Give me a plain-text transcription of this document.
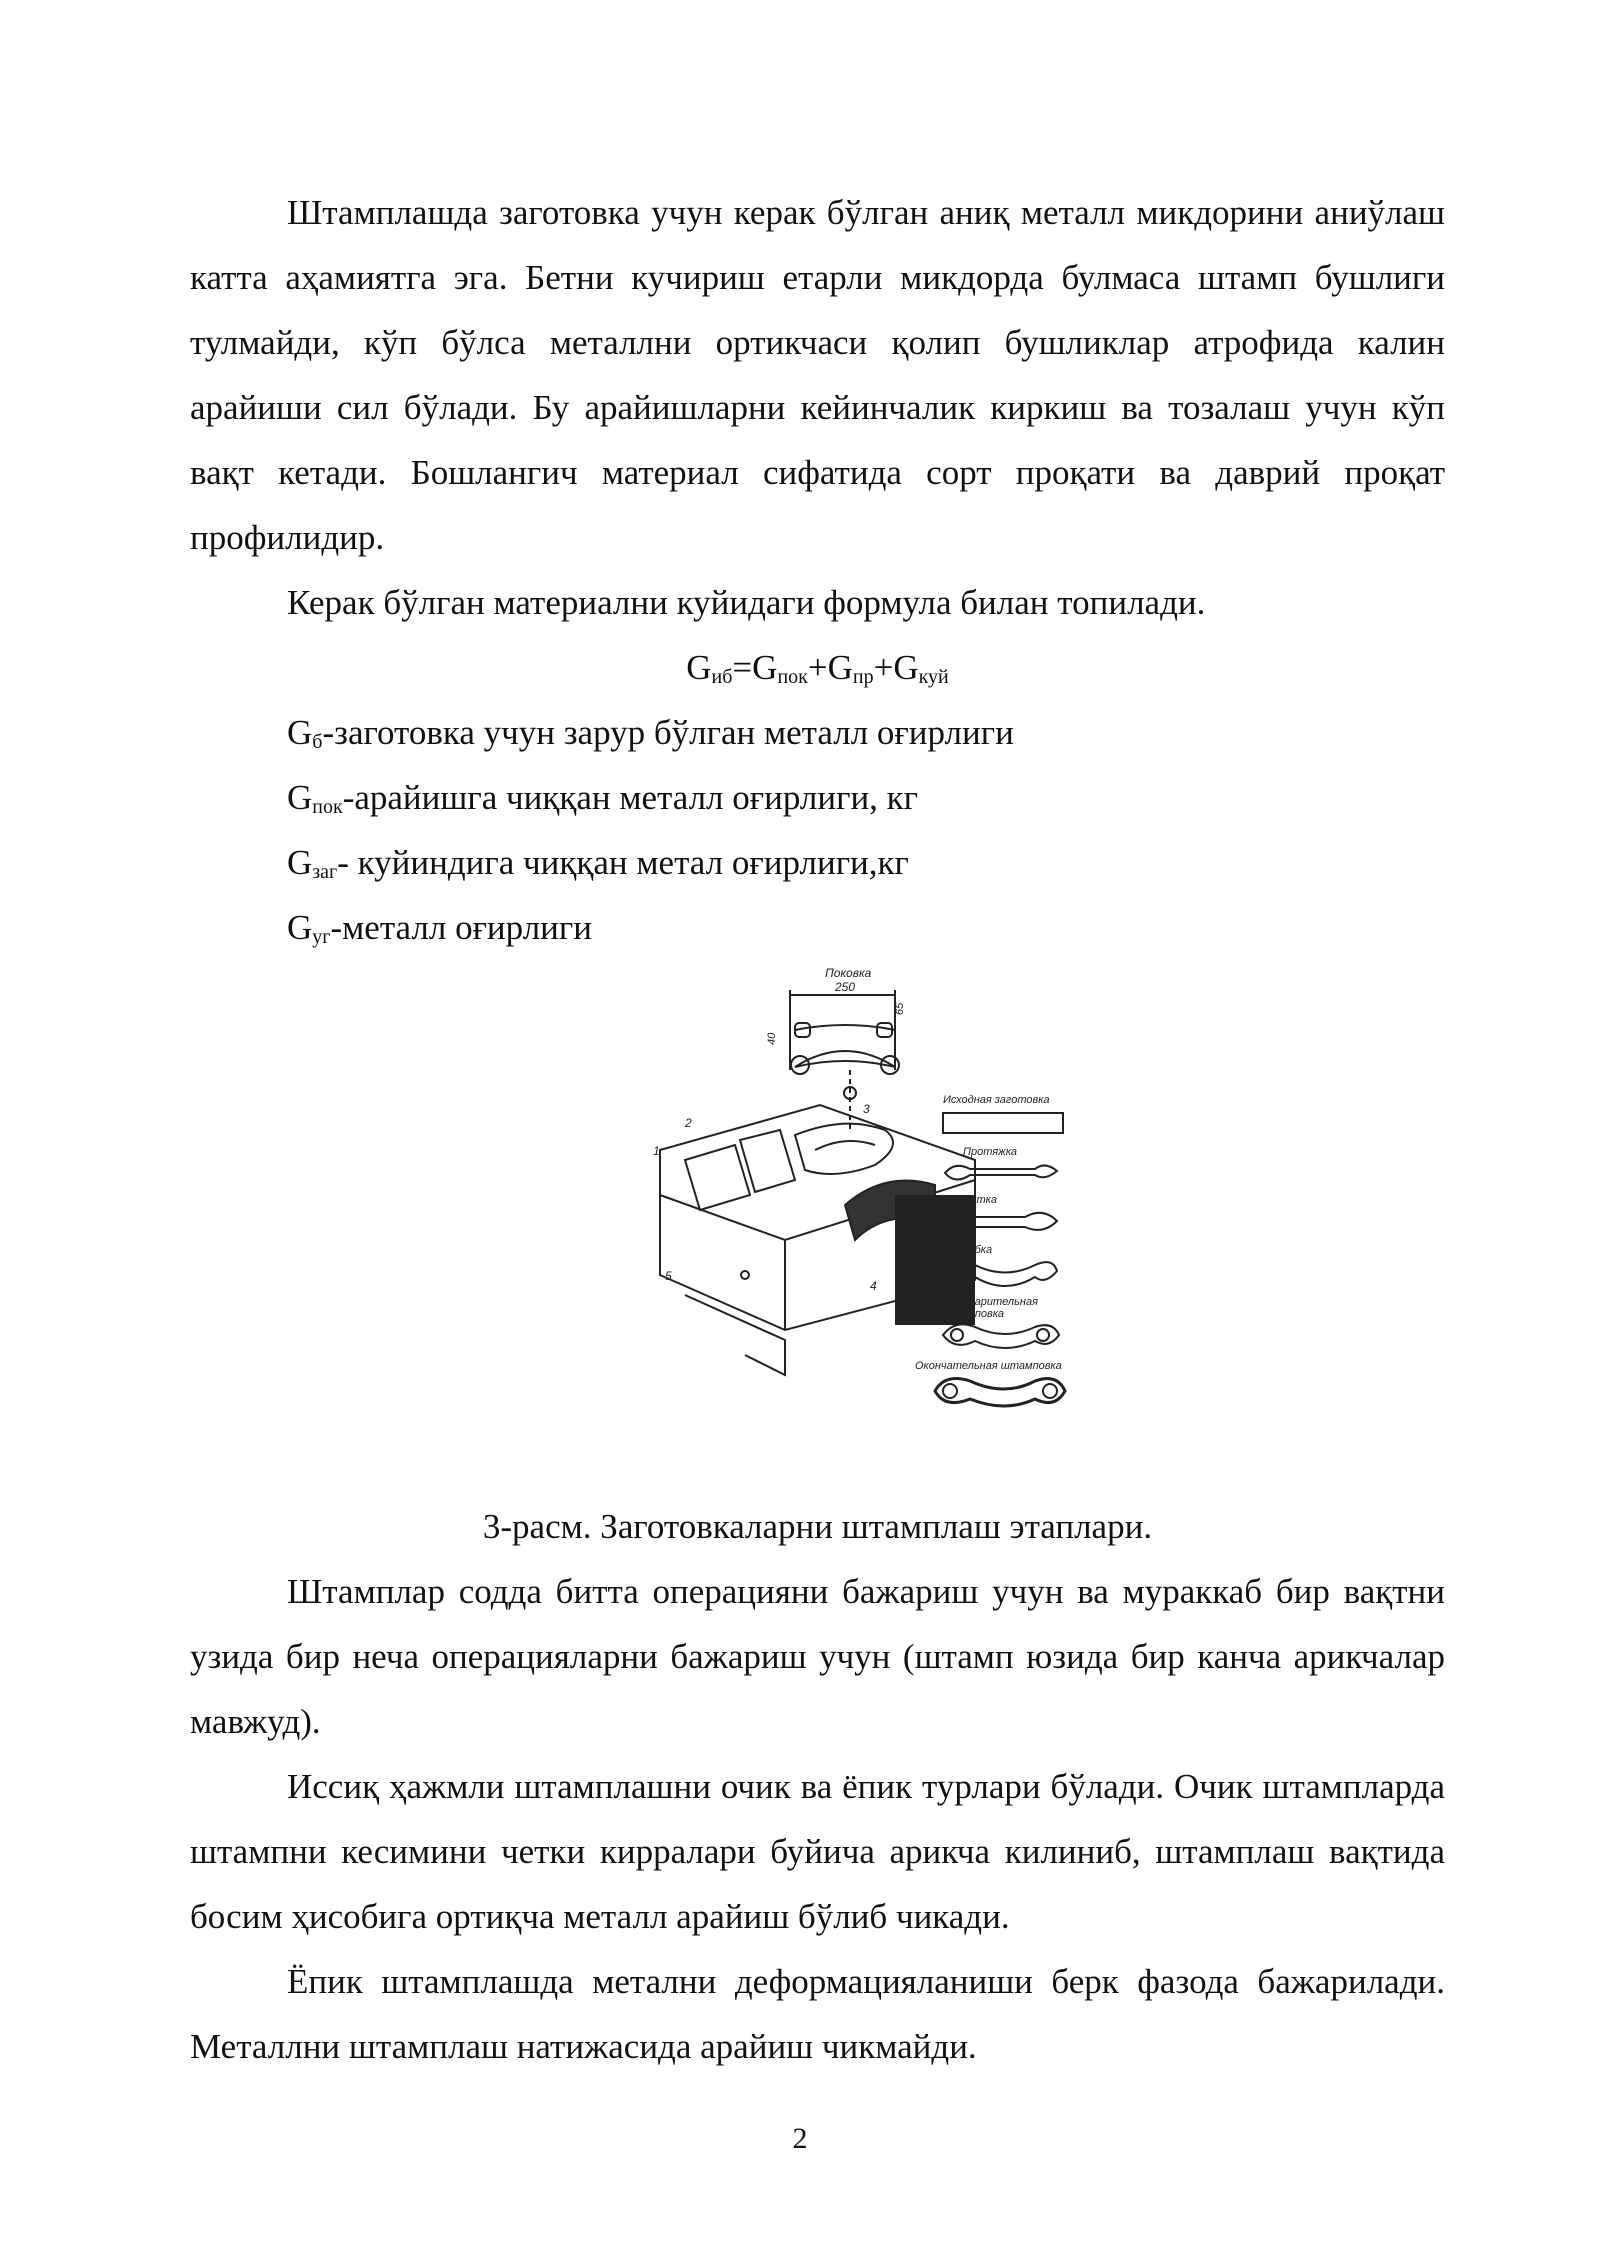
Штамплашда заготовка учун керак бўлган аниқ металл микдорини аниўлаш катта аҳамиятга эга. Бетни кучириш етарли микдорда булмаса штамп бушлиги тулмайди, кўп бўлса металлни ортикчаси қолип бушликлар атрофида калин арайиши сил бўлади. Бу арайишларни кейинчалик киркиш ва тозалаш учун кўп вақт кетади. Бошлангич материал сифатида сорт проқати ва даврий проқат профилидир.

Керак бўлган материални куйидаги формула билан топилади.

$G_{иб}=G_{пок}+G_{пр}+G_{куй}$

$G_б$-заготовка учун зарур бўлган металл оғирлиги

$G_{пок}$-арайишга чиққан металл оғирлиги, кг

$G_{заг}-$ куйиндига чиққан метал оғирлиги,кг

$G_{уг}$-металл оғирлиги

Поковка
250
65
40
1
2
3
4
5
Исходная заготовка
Протяжка
Подкатка
Гибка
Предварительная
штамповка
Окончательная штамповка

3-расм. Заготовкаларни штамплаш этаплари.

Штамплар содда битта операцияни бажариш учун ва мураккаб бир вақтни узида бир неча операцияларни бажариш учун (штамп юзида бир канча арикчалар мавжуд).

Иссиқ ҳажмли штамплашни очик ва ёпик турлари бўлади. Очик штампларда штампни кесимини четки кирралари буйича арикча килиниб, штамплаш вақтида босим ҳисобига ортиқча металл арайиш бўлиб чикади.

Ёпик штамплашда метални деформацияланиши берк фазода бажарилади. Металлни штамплаш натижасида арайиш чикмайди.

2
